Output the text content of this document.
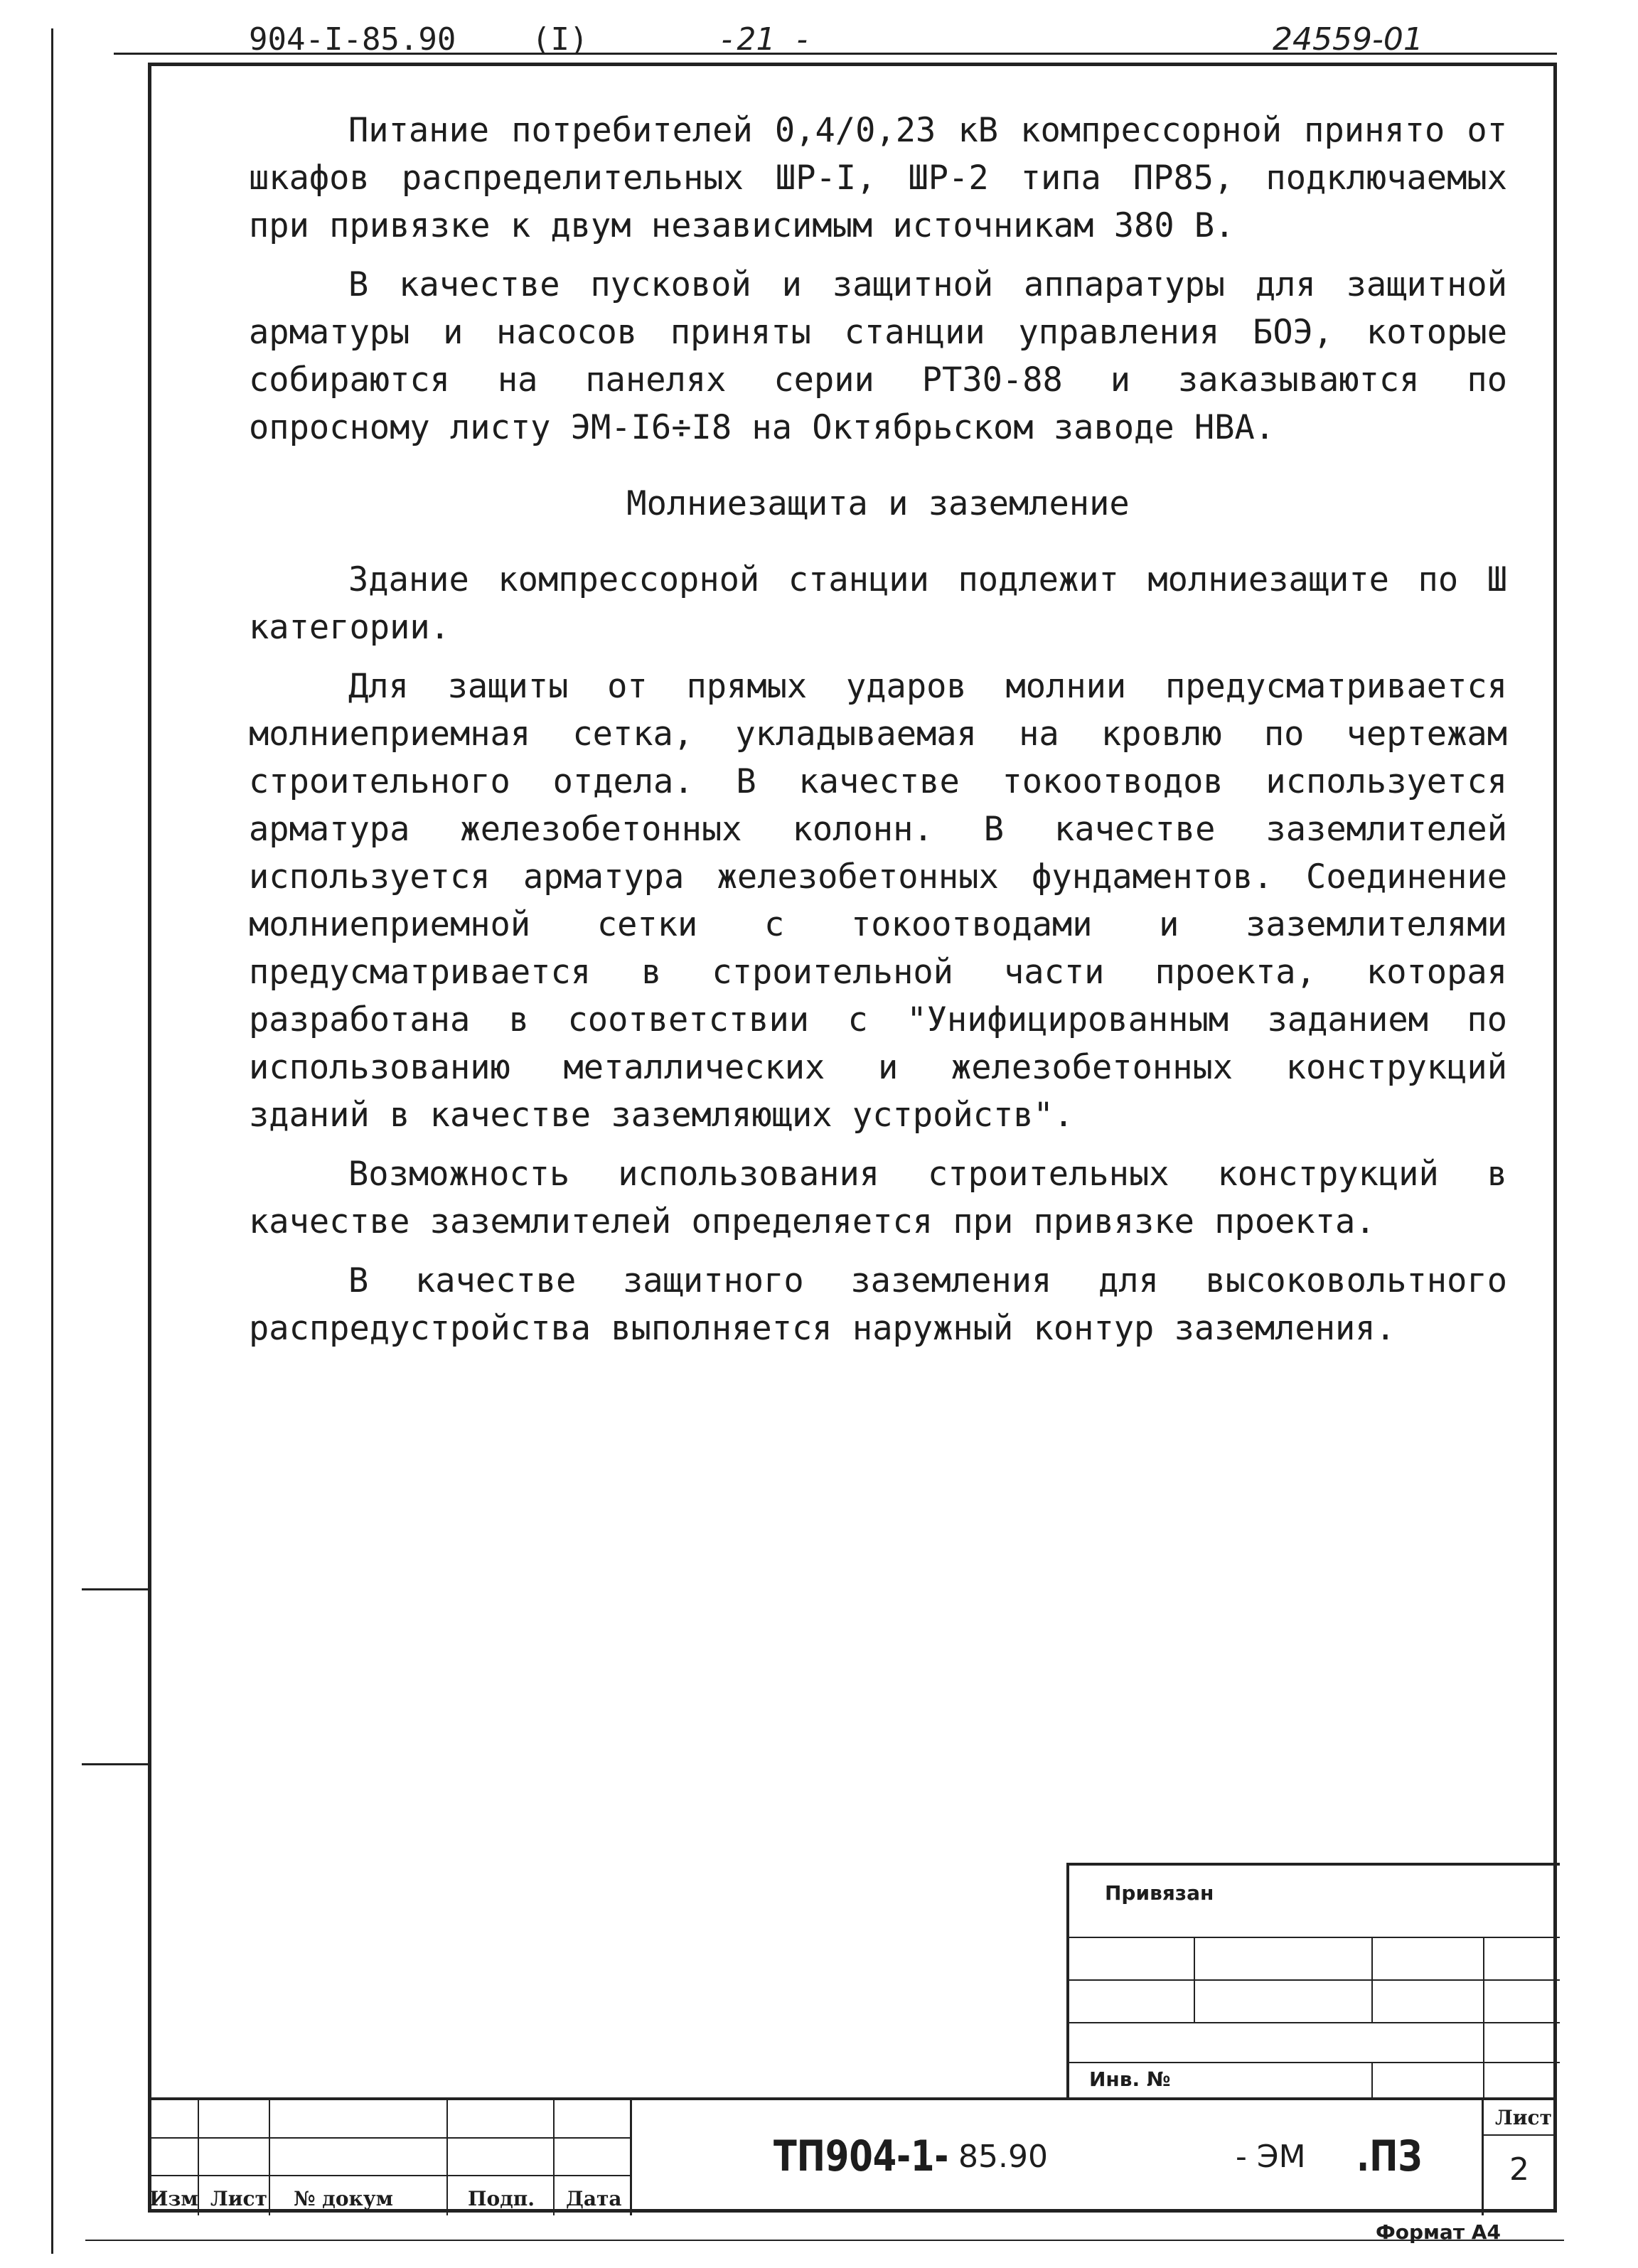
904-I-85.90 (I)	-21 -	24559-01

Питание потребителей 0,4/0,23 кВ компрессорной принято от шкафов распределительных ШР-I, ШР-2 типа ПР85, подключаемых при привязке к двум независимым источникам 380 В.

В качестве пусковой и защитной аппаратуры для защитной арматуры и насосов приняты станции управления БОЭ, которые собираются на панелях серии РТ30-88 и заказываются по опросному листу ЭМ-I6÷I8 на Октябрьском заводе НВА.

Молниезащита и заземление

Здание компрессорной станции подлежит молниезащите по Ш категории.

Для защиты от прямых ударов молнии предусматривается молниеприемная сетка, укладываемая на кровлю по чертежам строительного отдела. В качестве токоотводов используется арматура железобетонных колонн. В качестве заземлителей используется арматура железобетонных фундаментов. Соединение молниеприемной сетки с токоотводами и заземлителями предусматривается в строительной части проекта, которая разработана в соответствии с "Унифицированным заданием по использованию металлических и железобетонных конструкций зданий в качестве заземляющих устройств".

Возможность использования строительных конструкций в качестве заземлителей определяется при привязке проекта.

В качестве защитного заземления для высоковольтного распредустройства выполняется наружный контур заземления.

Привязан
Инв. №
Изм Лист № докум	Подп. Дата
ТП904-1- 85.90	- ЭМ .ПЗ
Лист
2
Формат А4
